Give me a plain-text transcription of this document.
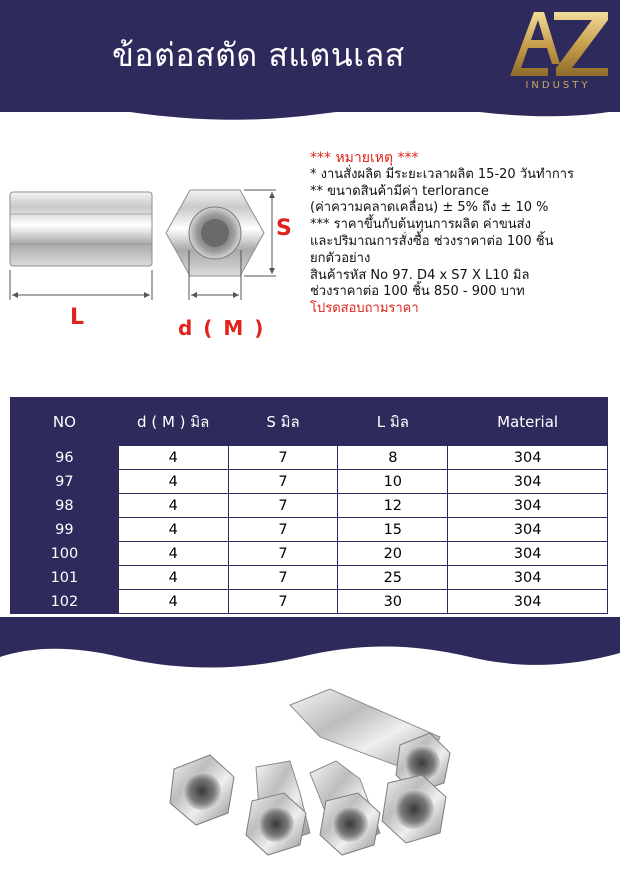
ข้อต่อสตัด สแตนเลส
INDUSTY
L
S
d ( M )
*** หมายเหตุ ***
* งานสั่งผลิต มีระยะเวลาผลิต 15-20 วันทำการ
** ขนาดสินค้ามีค่า terlorance
(ค่าความคลาดเคลื่อน) ± 5% ถึง ± 10 %
*** ราคาขึ้นกับต้นทุนการผลิต ค่าขนส่ง
และปริมาณการสั่งซื้อ ช่วงราคาต่อ 100 ชิ้น
ยกตัวอย่าง
สินค้ารหัส No 97. D4 x S7 X L10 มิล
ช่วงราคาต่อ 100 ชิ้น 850 - 900 บาท
โปรดสอบถามราคา
NO	d ( M ) มิล	S มิล	L มิล	Material
96	4	7	8	304
97	4	7	10	304
98	4	7	12	304
99	4	7	15	304
100	4	7	20	304
101	4	7	25	304
102	4	7	30	304
